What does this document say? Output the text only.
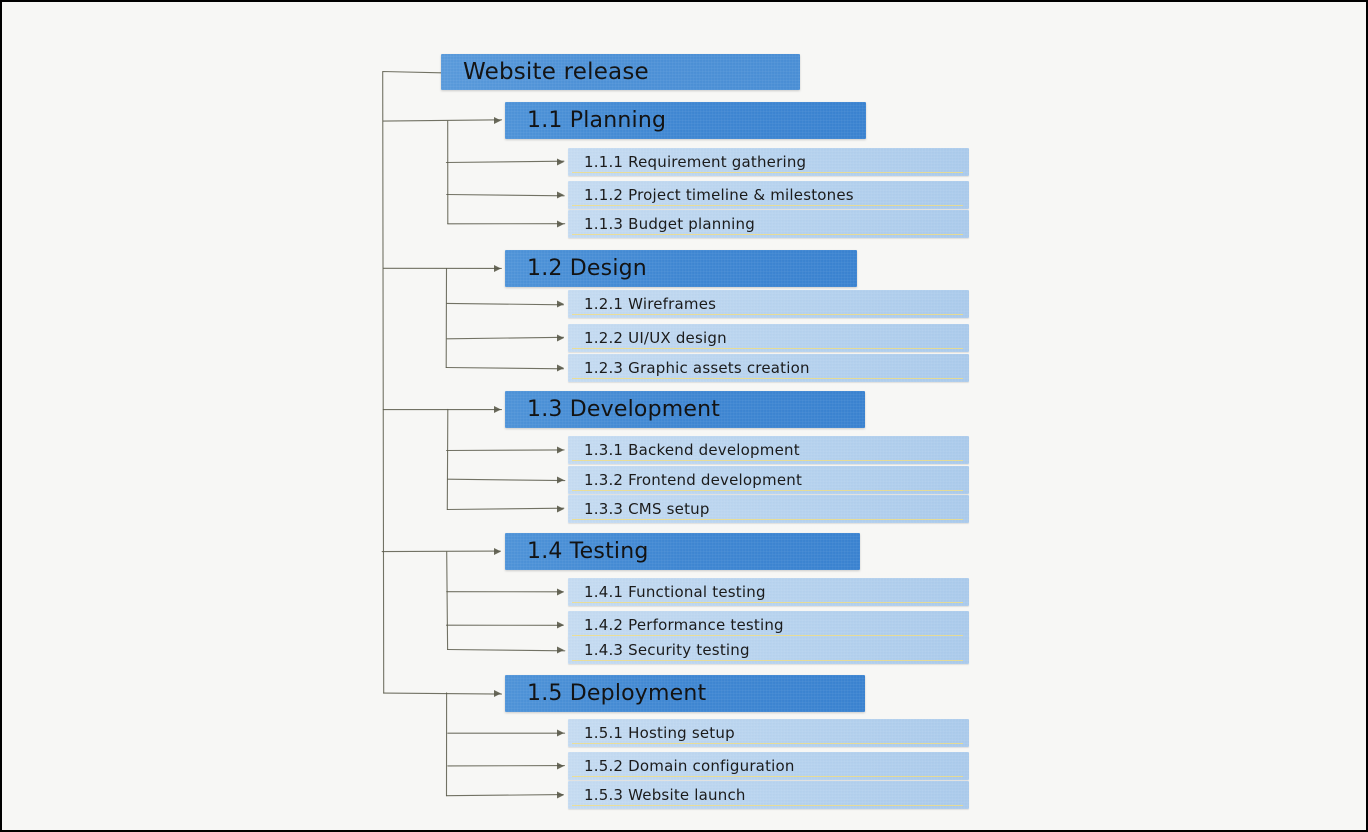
Website release
1.1 Planning
1.1.1 Requirement gathering
1.1.2 Project timeline & milestones
1.1.3 Budget planning
1.2 Design
1.2.1 Wireframes
1.2.2 UI/UX design
1.2.3 Graphic assets creation
1.3 Development
1.3.1 Backend development
1.3.2 Frontend development
1.3.3 CMS setup
1.4 Testing
1.4.1 Functional testing
1.4.2 Performance testing
1.4.3 Security testing
1.5 Deployment
1.5.1 Hosting setup
1.5.2 Domain configuration
1.5.3 Website launch
